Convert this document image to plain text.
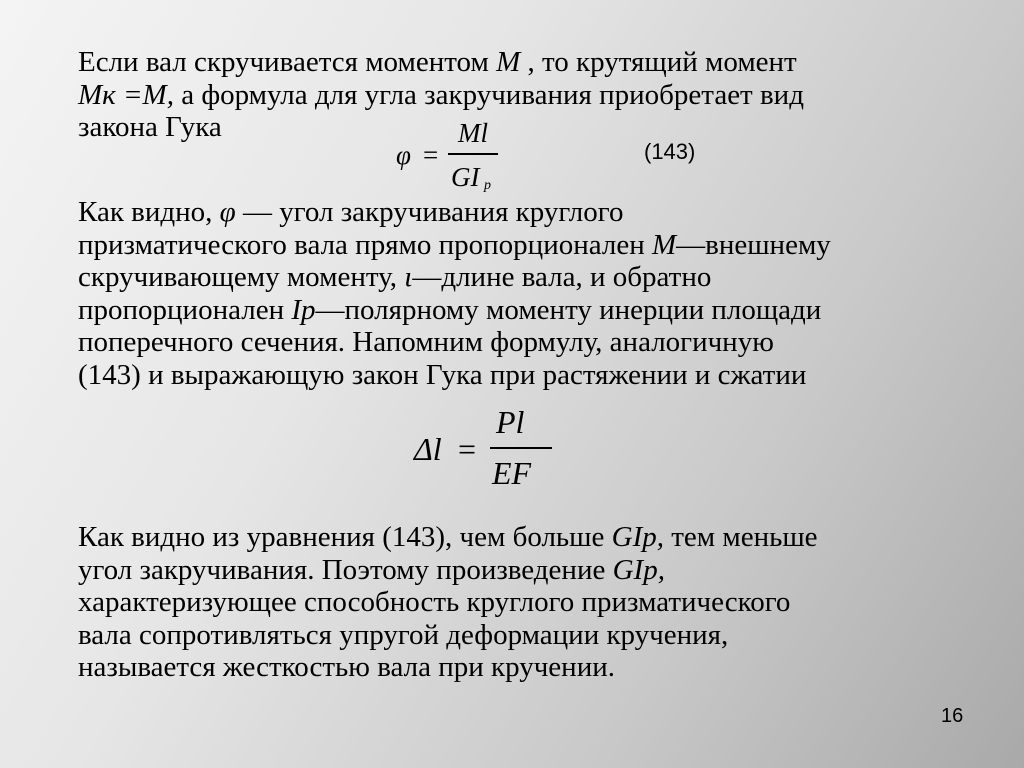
Если вал скручивается моментом M , то крутящий момент
Mк =M, а формула для угла закручивания приобретает вид
закона Гука

φ =
Ml
GI p
(143)

Как видно, φ — угол закручивания круглого
призматического вала прямо пропорционален M—внешнему
скручивающему моменту, ι—длине вала, и обратно
пропорционален Ip—полярному моменту инерции площади
поперечного сечения. Напомним формулу, аналогичную
(143) и выражающую закон Гука при растяжении и сжатии

Δl =
Pl
EF

Как видно из уравнения (143), чем больше GIp, тем меньше
угол закручивания. Поэтому произведение GIp,
характеризующее способность круглого призматического
вала сопротивляться упругой деформации кручения,
называется жесткостью вала при кручении.

16
